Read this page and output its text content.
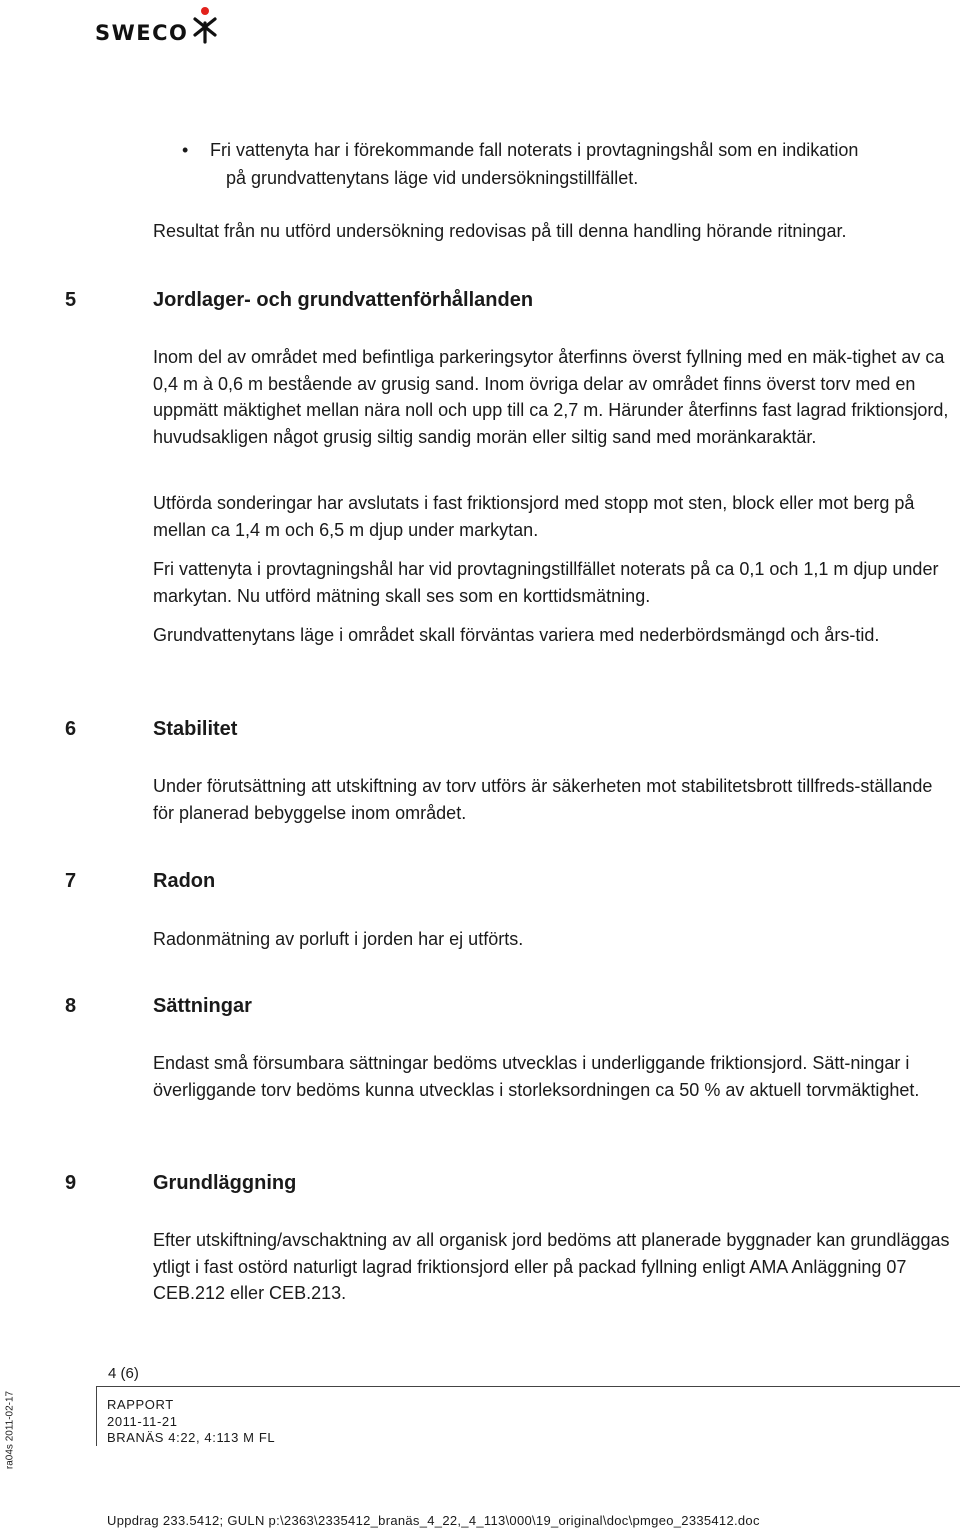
SWECO
•	Fri vattenyta har i förekommande fall noterats i provtagningshål som en indikation
på grundvattenytans läge vid undersökningstillfället.

Resultat från nu utförd undersökning redovisas på till denna handling hörande ritningar.

5	Jordlager- och grundvattenförhållanden

Inom del av området med befintliga parkeringsytor återfinns överst fyllning med en mäk-tighet av ca 0,4 m à 0,6 m bestående av grusig sand. Inom övriga delar av området finns överst torv med en uppmätt mäktighet mellan nära noll och upp till ca 2,7 m. Härunder återfinns fast lagrad friktionsjord, huvudsakligen något grusig siltig sandig morän eller siltig sand med moränkaraktär.

Utförda sonderingar har avslutats i fast friktionsjord med stopp mot sten, block eller mot berg på mellan ca 1,4 m och 6,5 m djup under markytan.

Fri vattenyta i provtagningshål har vid provtagningstillfället noterats på ca 0,1 och 1,1 m djup under markytan. Nu utförd mätning skall ses som en korttidsmätning.

Grundvattenytans läge i området skall förväntas variera med nederbördsmängd och års-tid.

6	Stabilitet

Under förutsättning att utskiftning av torv utförs är säkerheten mot stabilitetsbrott tillfreds-ställande för planerad bebyggelse inom området.

7	Radon

Radonmätning av porluft i jorden har ej utförts.

8	Sättningar

Endast små försumbara sättningar bedöms utvecklas i underliggande friktionsjord. Sätt-ningar i överliggande torv bedöms kunna utvecklas i storleksordningen ca 50 % av aktuell torvmäktighet.

9	Grundläggning

Efter utskiftning/avschaktning av all organisk jord bedöms att planerade byggnader kan grundläggas ytligt i fast ostörd naturligt lagrad friktionsjord eller på packad fyllning enligt AMA Anläggning 07 CEB.212 eller CEB.213.

4 (6)
RAPPORT
2011-11-21
BRANÄS 4:22, 4:113 M FL
ra04s 2011-02-17
Uppdrag 233.5412; GULN p:\2363\2335412_branäs_4_22,_4_113\000\19_original\doc\pmgeo_2335412.doc
